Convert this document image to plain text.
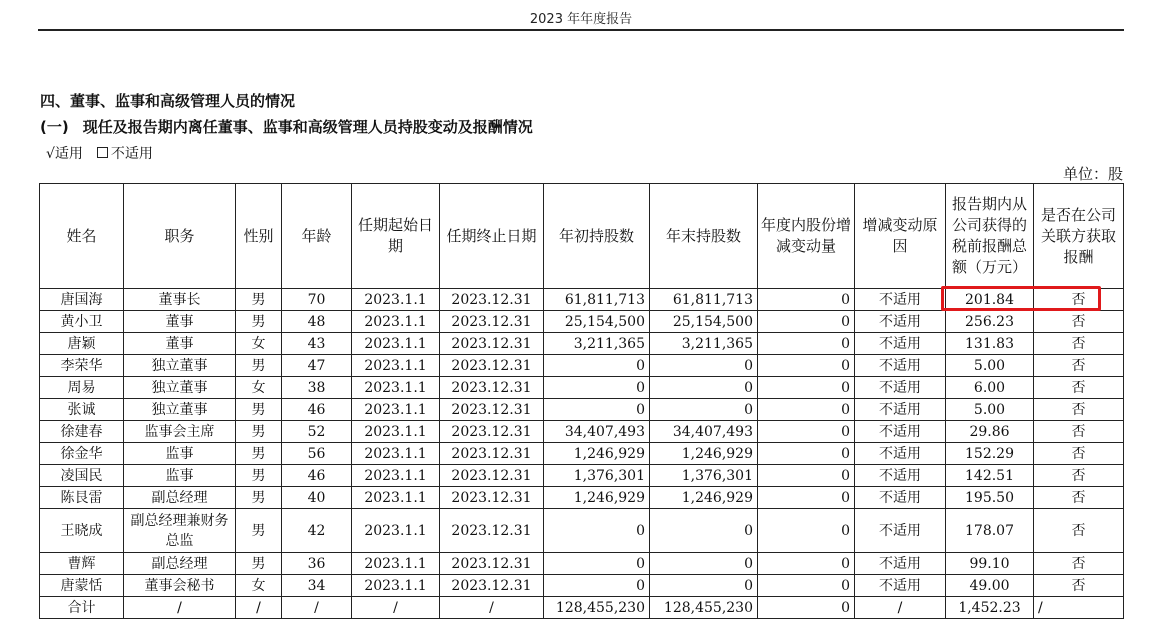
2023 年年度报告
四、董事、监事和高级管理人员的情况
(一) 现任及报告期内离任董事、监事和高级管理人员持股变动及报酬情况
√适用 不适用
单位：股
姓名	职务	性别	年龄	任期起始日期	任期终止日期	年初持股数	年末持股数	年度内股份增减变动量	增减变动原因	报告期内从公司获得的税前报酬总额（万元）	是否在公司关联方获取报酬
唐国海	董事长	男	70	2023.1.1	2023.12.31	61,811,713	61,811,713	0	不适用	201.84	否
黄小卫	董事	男	48	2023.1.1	2023.12.31	25,154,500	25,154,500	0	不适用	256.23	否
唐颖	董事	女	43	2023.1.1	2023.12.31	3,211,365	3,211,365	0	不适用	131.83	否
李荣华	独立董事	男	47	2023.1.1	2023.12.31	0	0	0	不适用	5.00	否
周易	独立董事	女	38	2023.1.1	2023.12.31	0	0	0	不适用	6.00	否
张诚	独立董事	男	46	2023.1.1	2023.12.31	0	0	0	不适用	5.00	否
徐建春	监事会主席	男	52	2023.1.1	2023.12.31	34,407,493	34,407,493	0	不适用	29.86	否
徐金华	监事	男	56	2023.1.1	2023.12.31	1,246,929	1,246,929	0	不适用	152.29	否
凌国民	监事	男	46	2023.1.1	2023.12.31	1,376,301	1,376,301	0	不适用	142.51	否
陈艮雷	副总经理	男	40	2023.1.1	2023.12.31	1,246,929	1,246,929	0	不适用	195.50	否
王晓成	副总经理兼财务总监	男	42	2023.1.1	2023.12.31	0	0	0	不适用	178.07	否
曹辉	副总经理	男	36	2023.1.1	2023.12.31	0	0	0	不适用	99.10	否
唐蒙恬	董事会秘书	女	34	2023.1.1	2023.12.31	0	0	0	不适用	49.00	否
合计	/	/	/	/	/	128,455,230	128,455,230	0	/	1,452.23	/
